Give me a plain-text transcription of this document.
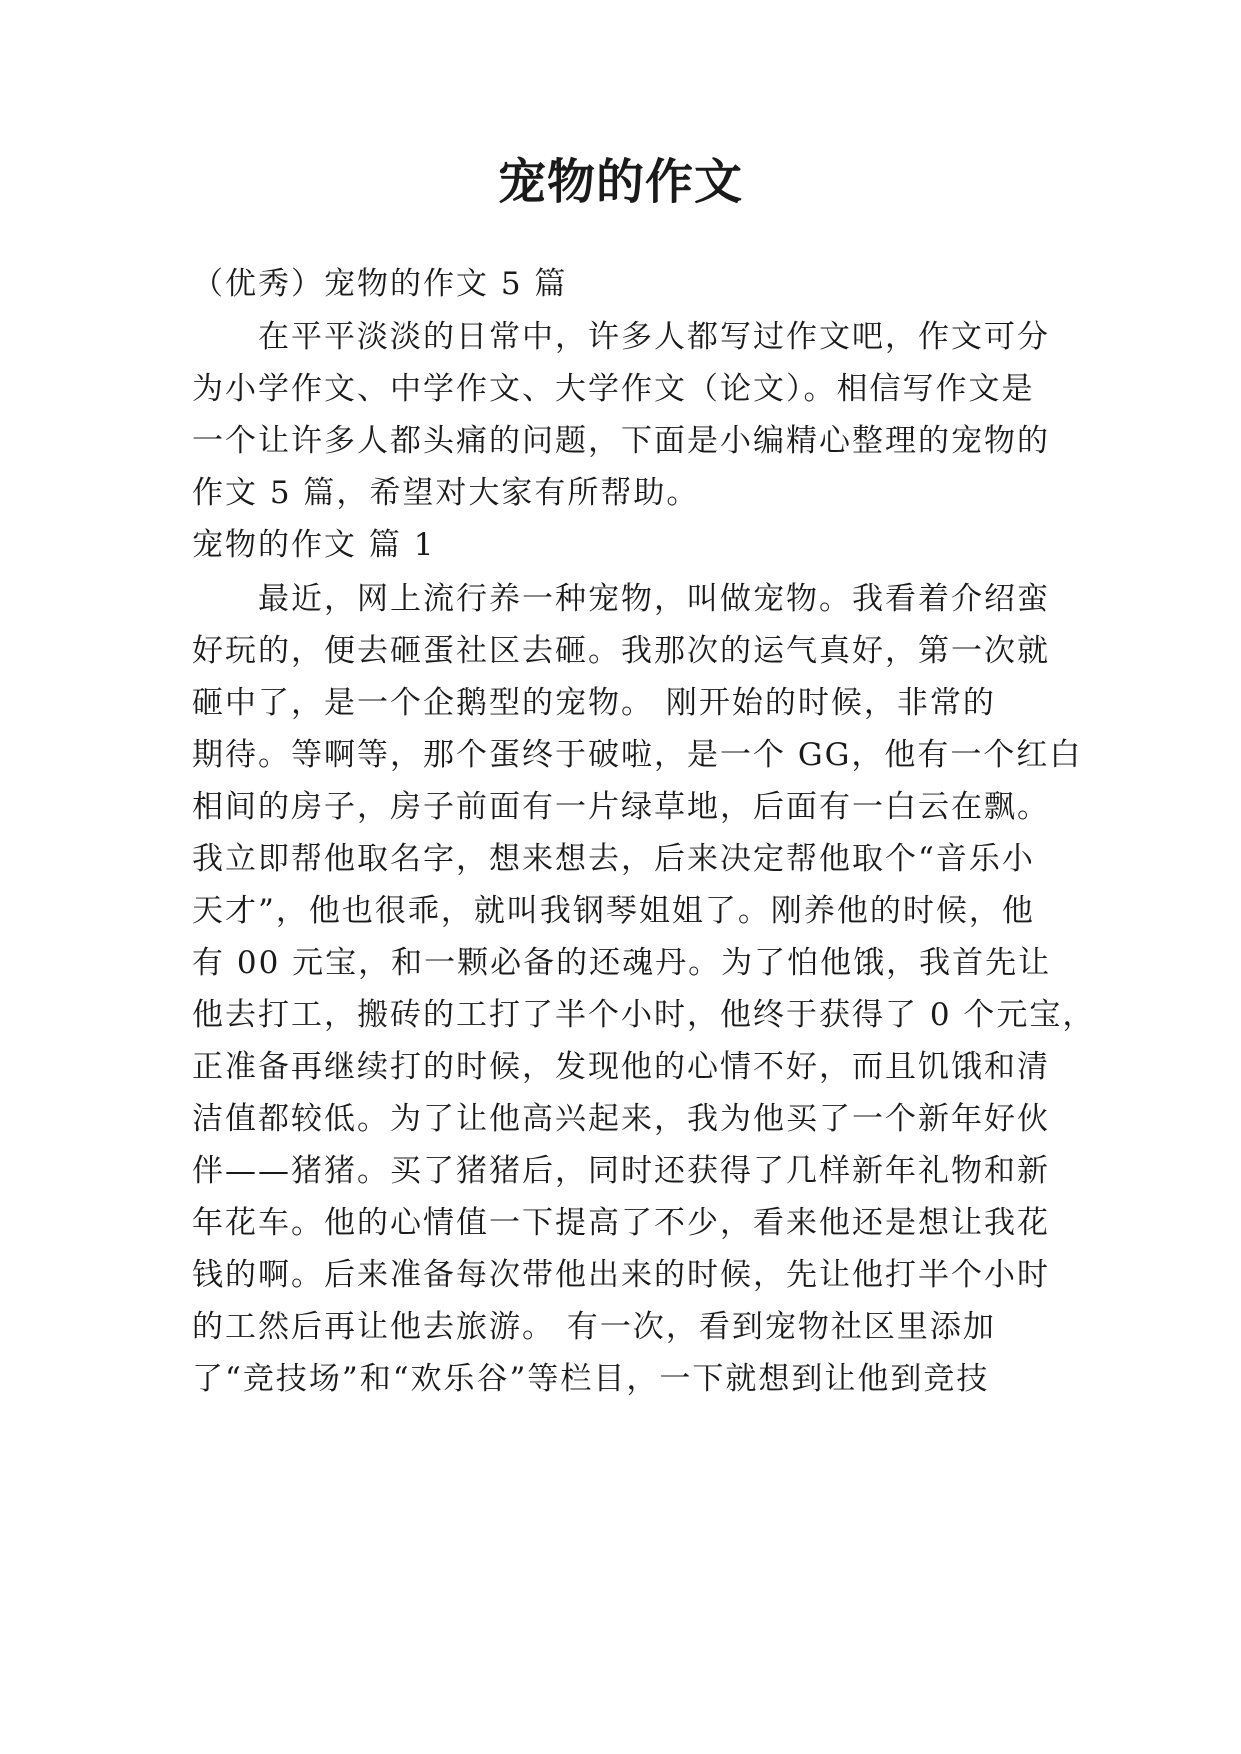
宠物的作文
（优秀）宠物的作文 5 篇
在平平淡淡的日常中，许多人都写过作文吧，作文可分
为小学作文、中学作文、大学作文（论文）。相信写作文是
一个让许多人都头痛的问题，下面是小编精心整理的宠物的
作文 5 篇，希望对大家有所帮助。
宠物的作文 篇 1
最近，网上流行养一种宠物，叫做宠物。我看着介绍蛮
好玩的，便去砸蛋社区去砸。我那次的运气真好，第一次就
砸中了，是一个企鹅型的宠物。 刚开始的时候，非常的
期待。等啊等，那个蛋终于破啦，是一个 GG，他有一个红白
相间的房子，房子前面有一片绿草地，后面有一白云在飘。
我立即帮他取名字，想来想去，后来决定帮他取个“音乐小
天才”，他也很乖，就叫我钢琴姐姐了。刚养他的时候，他
有 00 元宝，和一颗必备的还魂丹。为了怕他饿，我首先让
他去打工，搬砖的工打了半个小时，他终于获得了 0 个元宝，
正准备再继续打的时候，发现他的心情不好，而且饥饿和清
洁值都较低。为了让他高兴起来，我为他买了一个新年好伙
伴——猪猪。买了猪猪后，同时还获得了几样新年礼物和新
年花车。他的心情值一下提高了不少，看来他还是想让我花
钱的啊。后来准备每次带他出来的时候，先让他打半个小时
的工然后再让他去旅游。 有一次，看到宠物社区里添加
了“竞技场”和“欢乐谷”等栏目，一下就想到让他到竞技
